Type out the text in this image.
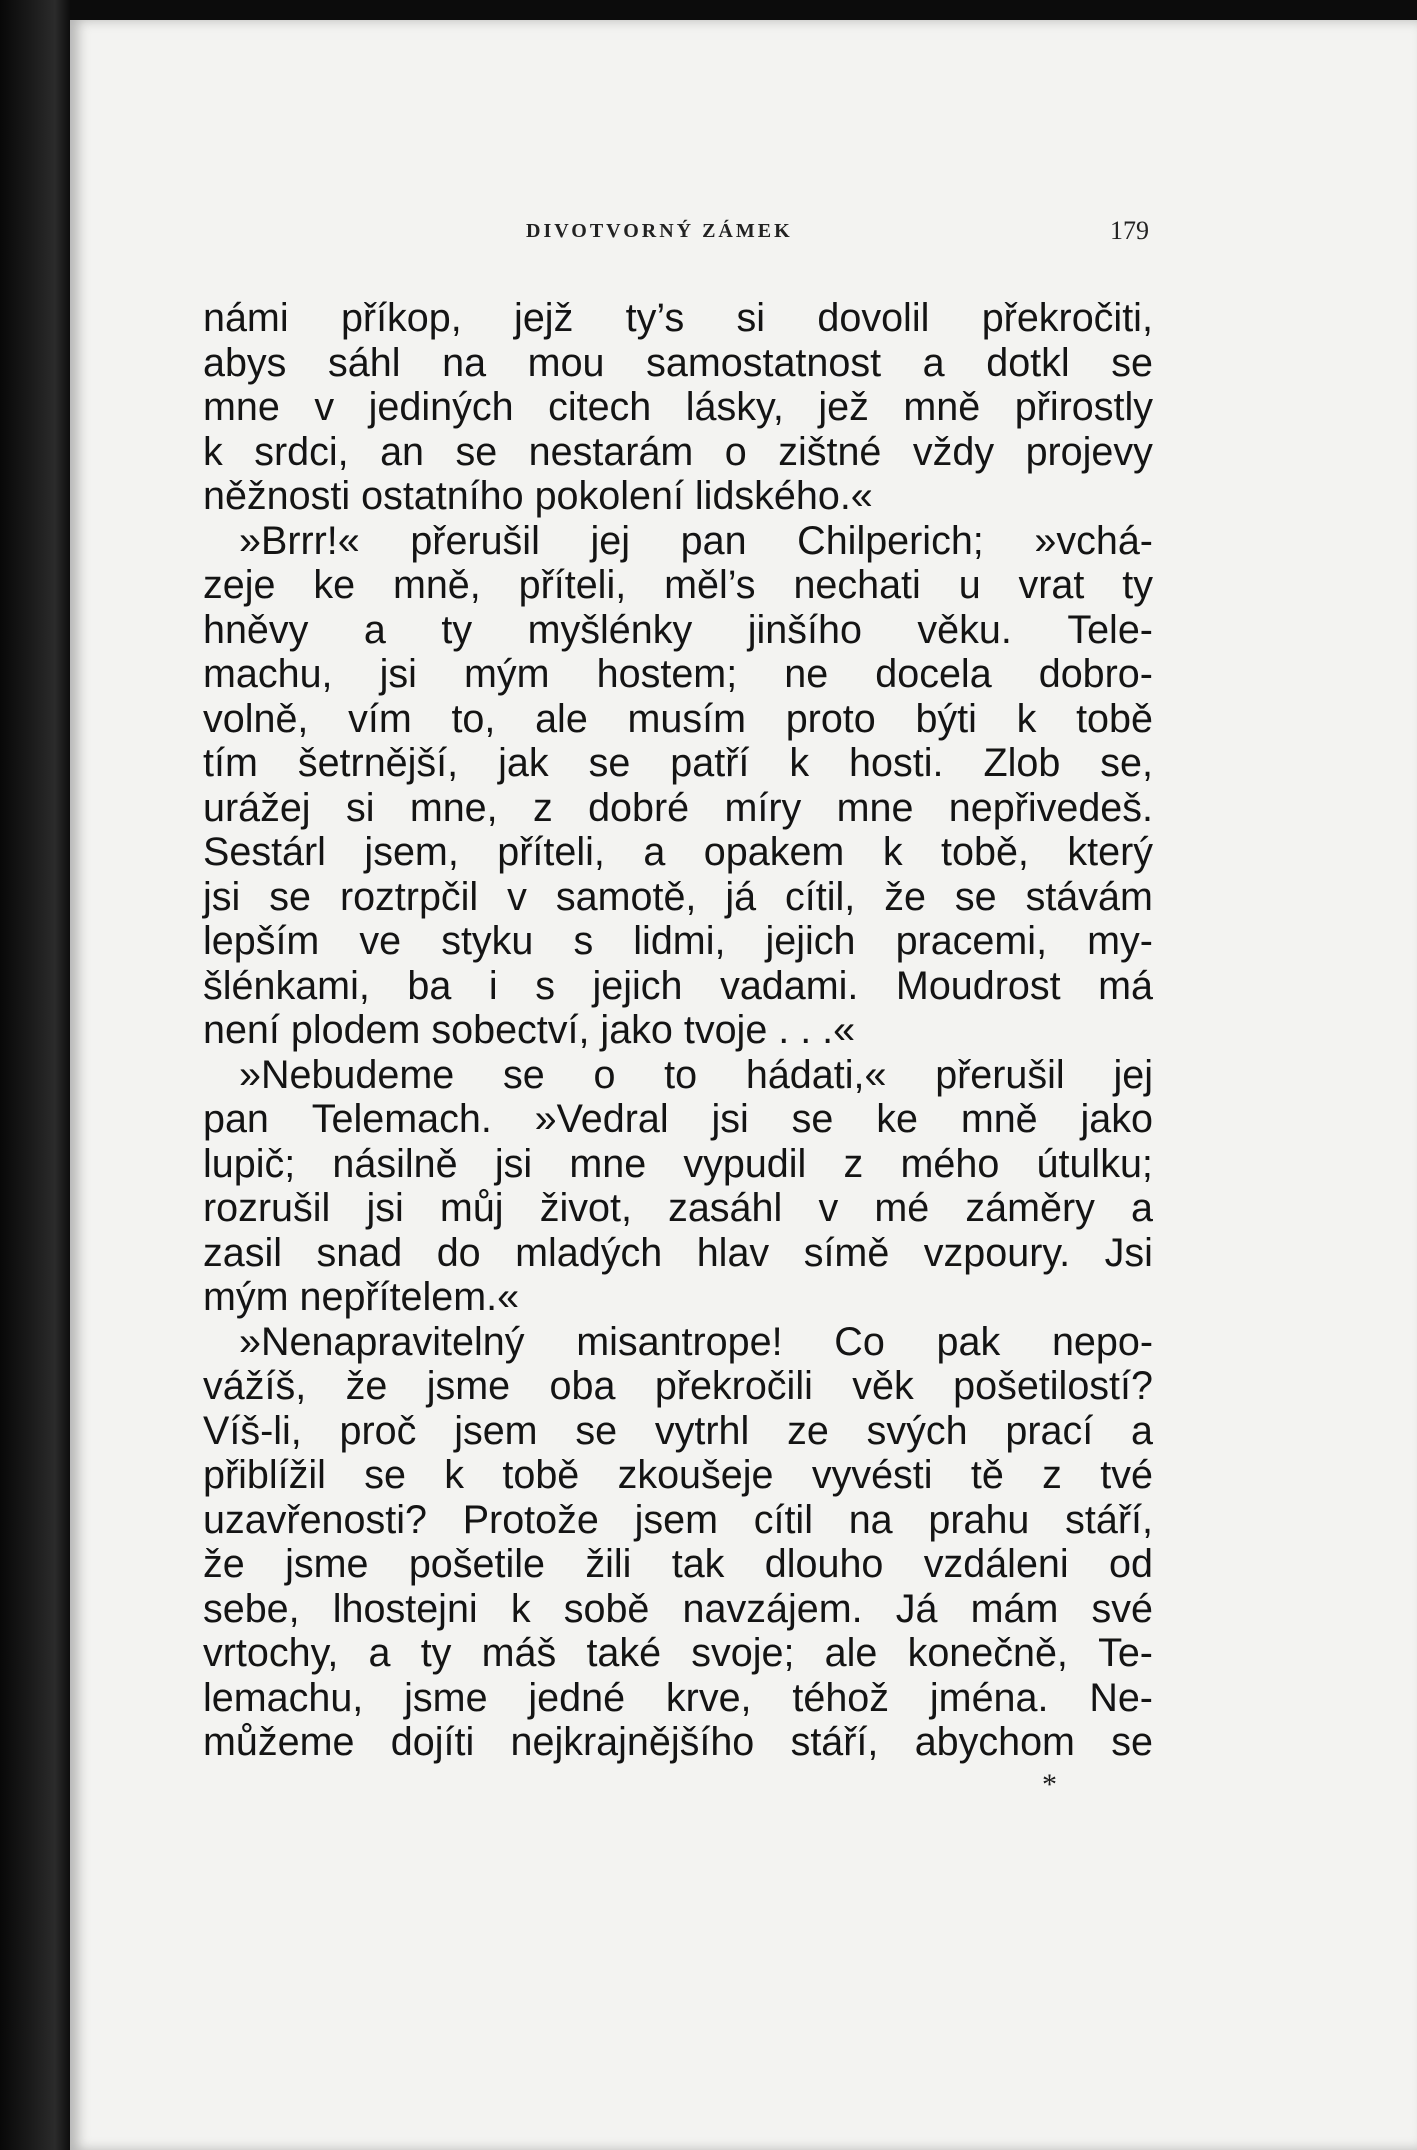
DIVOTVORNÝ ZÁMEK	179
námi příkop, jejž ty’s si dovolil překročiti,
abys sáhl na mou samostatnost a dotkl se
mne v jediných citech lásky, jež mně přirostly
k srdci, an se nestarám o zištné vždy projevy
něžnosti ostatního pokolení lidského.«
»Brrr!« přerušil jej pan Chilperich; »vchá-
zeje ke mně, příteli, měl’s nechati u vrat ty
hněvy a ty myšlénky jinšího věku. Tele-
machu, jsi mým hostem; ne docela dobro-
volně, vím to, ale musím proto býti k tobě
tím šetrnější, jak se patří k hosti. Zlob se,
urážej si mne, z dobré míry mne nepřivedeš.
Sestárl jsem, příteli, a opakem k tobě, který
jsi se roztrpčil v samotě, já cítil, že se stávám
lepším ve styku s lidmi, jejich pracemi, my-
šlénkami, ba i s jejich vadami. Moudrost má
není plodem sobectví, jako tvoje . . .«
»Nebudeme se o to hádati,« přerušil jej
pan Telemach. »Vedral jsi se ke mně jako
lupič; násilně jsi mne vypudil z mého útulku;
rozrušil jsi můj život, zasáhl v mé záměry a
zasil snad do mladých hlav símě vzpoury. Jsi
mým nepřítelem.«
»Nenapravitelný misantrope! Co pak nepo-
vážíš, že jsme oba překročili věk pošetilostí?
Víš-li, proč jsem se vytrhl ze svých prací a
přiblížil se k tobě zkoušeje vyvésti tě z tvé
uzavřenosti? Protože jsem cítil na prahu stáří,
že jsme pošetile žili tak dlouho vzdáleni od
sebe, lhostejni k sobě navzájem. Já mám své
vrtochy, a ty máš také svoje; ale konečně, Te-
lemachu, jsme jedné krve, téhož jména. Ne-
můžeme dojíti nejkrajnějšího stáří, abychom se
*
